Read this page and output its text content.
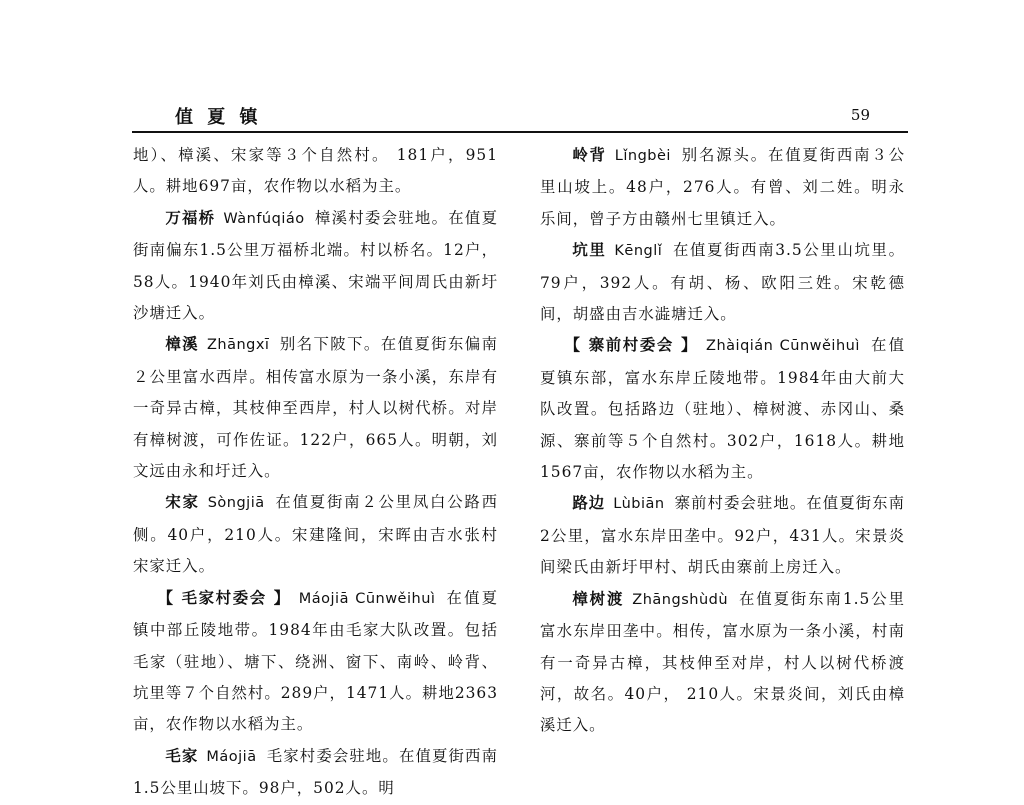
值 夏 镇	59

地）、樟溪、宋家等３个自然村。 181户，951人。耕地697亩，农作物以水稻为主。

万福桥 Wànfúqiáo 樟溪村委会驻地。在值夏街南偏东1.5公里万福桥北端。村以桥名。12户，58人。1940年刘氏由樟溪、宋端平间周氏由新圩沙塘迁入。

樟溪 Zhāngxī 别名下陂下。在值夏街东偏南２公里富水西岸。相传富水原为一条小溪，东岸有一奇异古樟，其枝伸至西岸，村人以树代桥。对岸有樟树渡，可作佐证。122户，665人。明朝，刘文远由永和圩迁入。

宋家 Sòngjiā 在值夏街南２公里凤白公路西侧。40户，210人。宋建隆间，宋晖由吉水张村宋家迁入。

【 毛家村委会 】 Máojiā Cūnwěihuì 在值夏镇中部丘陵地带。1984年由毛家大队改置。包括毛家（驻地）、塘下、绕洲、窗下、南岭、岭背、坑里等７个自然村。289户，1471人。耕地2363亩，农作物以水稻为主。

毛家 Máojiā 毛家村委会驻地。在值夏街西南1.5公里山坡下。98户，502人。明

岭背 Lǐngbèi 别名源头。在值夏街西南３公里山坡上。48户，276人。有曾、刘二姓。明永乐间，曾子方由赣州七里镇迁入。

坑里 Kēnglǐ 在值夏街西南3.5公里山坑里。79户，392人。有胡、杨、欧阳三姓。宋乾德间，胡盛由吉水澁塘迁入。

【 寨前村委会 】 Zhàiqián Cūnwěihuì 在值夏镇东部，富水东岸丘陵地带。1984年由大前大队改置。包括路边（驻地）、樟树渡、赤冈山、桑源、寨前等５个自然村。302户，1618人。耕地1567亩，农作物以水稻为主。

路边 Lùbiān 寨前村委会驻地。在值夏街东南2公里，富水东岸田垄中。92户，431人。宋景炎间梁氏由新圩甲村、胡氏由寨前上房迁入。

樟树渡 Zhāngshùdù 在值夏街东南1.5公里富水东岸田垄中。相传，富水原为一条小溪，村南有一奇异古樟，其枝伸至对岸，村人以树代桥渡河，故名。40户， 210人。宋景炎间，刘氏由樟溪迁入。
